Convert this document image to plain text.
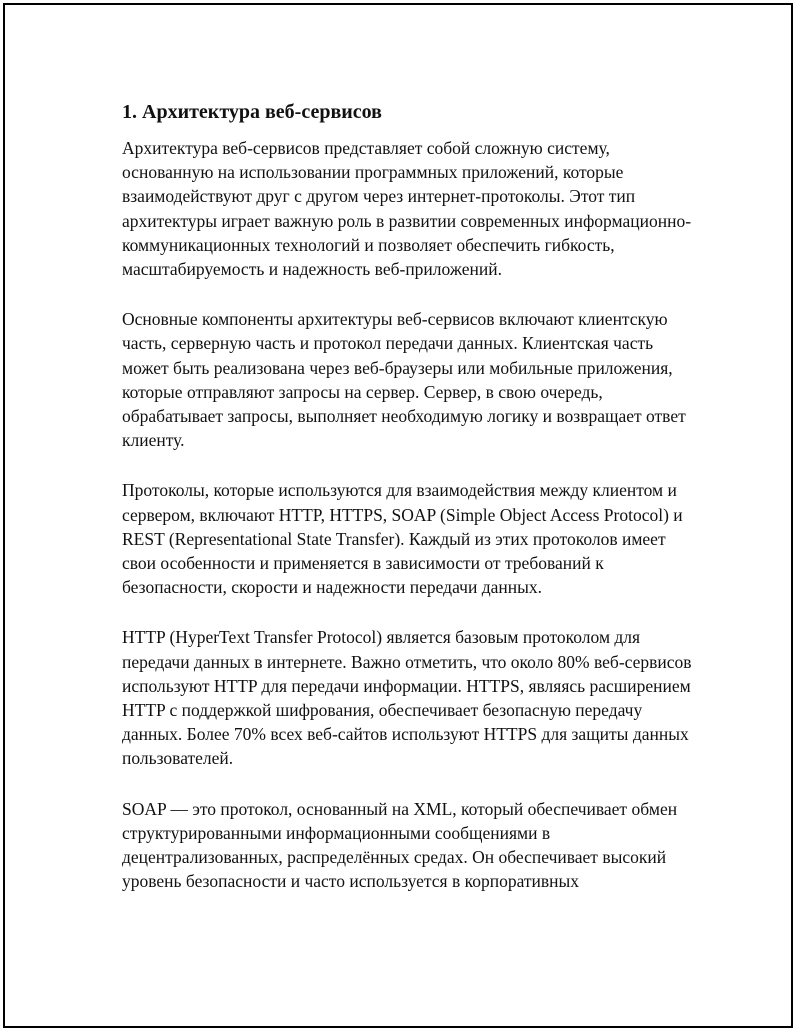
1. Архитектура веб-сервисов

Архитектура веб-сервисов представляет собой сложную систему, основанную на использовании программных приложений, которые взаимодействуют друг с другом через интернет-протоколы. Этот тип архитектуры играет важную роль в развитии современных информационно-коммуникационных технологий и позволяет обеспечить гибкость, масштабируемость и надежность веб-приложений.

Основные компоненты архитектуры веб-сервисов включают клиентскую часть, серверную часть и протокол передачи данных. Клиентская часть может быть реализована через веб-браузеры или мобильные приложения, которые отправляют запросы на сервер. Сервер, в свою очередь, обрабатывает запросы, выполняет необходимую логику и возвращает ответ клиенту.

Протоколы, которые используются для взаимодействия между клиентом и сервером, включают HTTP, HTTPS, SOAP (Simple Object Access Protocol) и REST (Representational State Transfer). Каждый из этих протоколов имеет свои особенности и применяется в зависимости от требований к безопасности, скорости и надежности передачи данных.

HTTP (HyperText Transfer Protocol) является базовым протоколом для передачи данных в интернете. Важно отметить, что около 80% веб-сервисов используют HTTP для передачи информации. HTTPS, являясь расширением HTTP с поддержкой шифрования, обеспечивает безопасную передачу данных. Более 70% всех веб-сайтов используют HTTPS для защиты данных пользователей.

SOAP — это протокол, основанный на XML, который обеспечивает обмен структурированными информационными сообщениями в децентрализованных, распределённых средах. Он обеспечивает высокий уровень безопасности и часто используется в корпоративных
